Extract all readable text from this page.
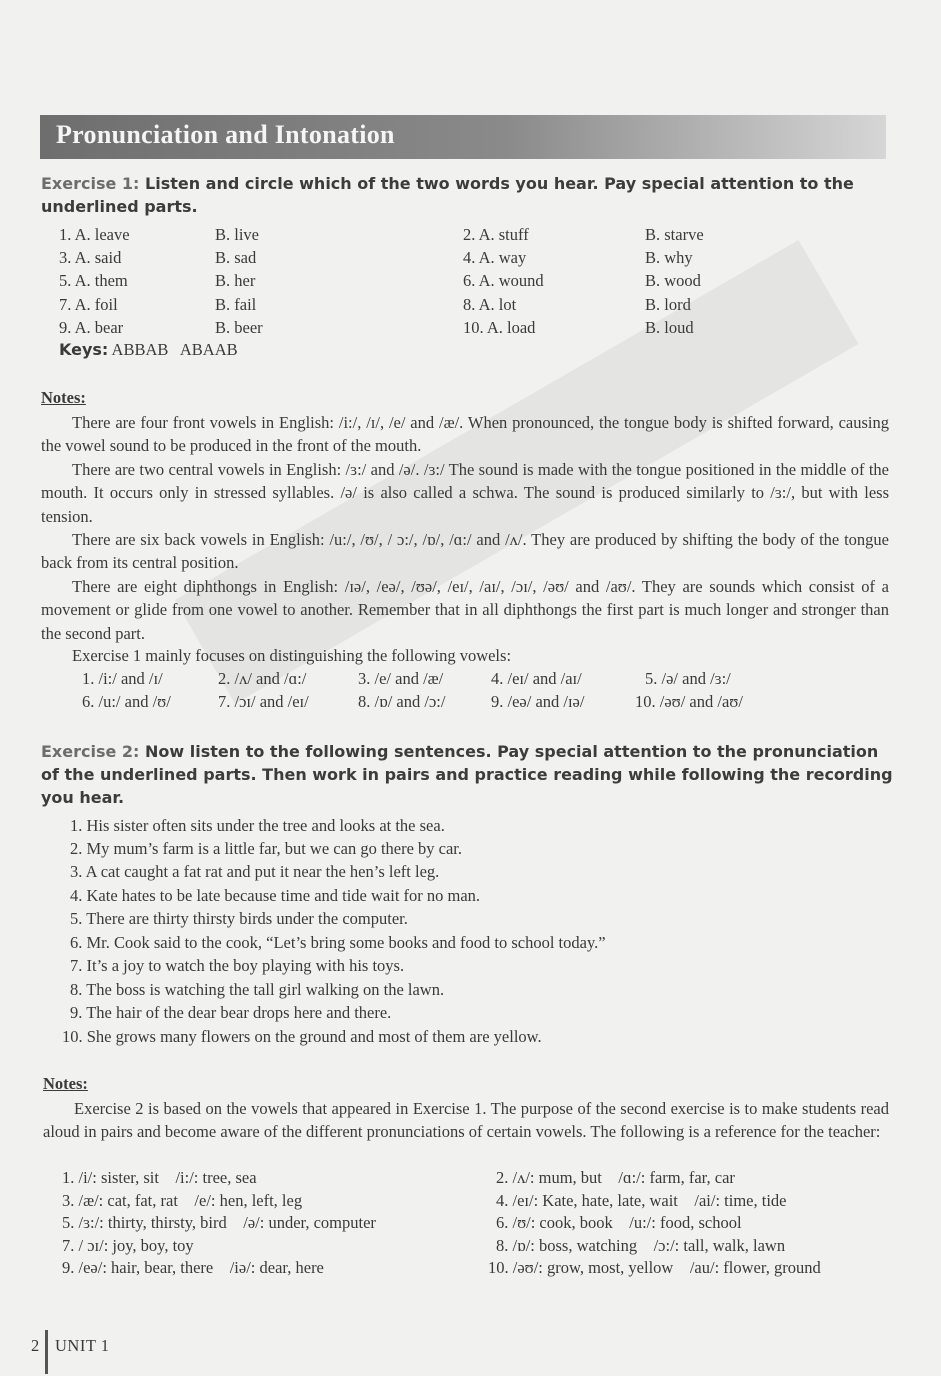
Pronunciation and Intonation
Exercise 1: Listen and circle which of the two words you hear. Pay special attention to the underlined parts.
1. A. leave	B. live	2. A. stuff	B. starve
3. A. said	B. sad	4. A. way	B. why
5. A. them	B. her	6. A. wound	B. wood
7. A. foil	B. fail	8. A. lot	B. lord
9. A. bear	B. beer	10. A. load	B. loud
Keys: ABBAB   ABAAB
Notes:

There are four front vowels in English: /i:/, /ɪ/, /e/ and /æ/. When pronounced, the tongue body is shifted forward, causing the vowel sound to be produced in the front of the mouth.

There are two central vowels in English: /ɜ:/ and /ə/. /ɜ:/ The sound is made with the tongue positioned in the middle of the mouth. It occurs only in stressed syllables. /ə/ is also called a schwa. The sound is produced similarly to /ɜ:/, but with less tension.

There are six back vowels in English: /u:/, /ʊ/, / ɔ:/, /ɒ/, /ɑ:/ and /ʌ/. They are produced by shifting the body of the tongue back from its central position.

There are eight diphthongs in English: /ɪə/, /eə/, /ʊə/, /eɪ/, /aɪ/, /ɔɪ/, /əʊ/ and /aʊ/. They are sounds which consist of a movement or glide from one vowel to another. Remember that in all diphthongs the first part is much longer and stronger than the second part.

Exercise 1 mainly focuses on distinguishing the following vowels:
1. /i:/ and /ɪ/	2. /ʌ/ and /ɑ:/	3. /e/ and /æ/	4. /eɪ/ and /aɪ/	5. /ə/ and /ɜ:/
6. /u:/ and /ʊ/	7. /ɔɪ/ and /eɪ/	8. /ɒ/ and /ɔ:/	9. /eə/ and /ɪə/	10. /əʊ/ and /aʊ/
Exercise 2: Now listen to the following sentences. Pay special attention to the pronunciation of the underlined parts. Then work in pairs and practice reading while following the recording you hear.
1. His sister often sits under the tree and looks at the sea.
2. My mum’s farm is a little far, but we can go there by car.
3. A cat caught a fat rat and put it near the hen’s left leg.
4. Kate hates to be late because time and tide wait for no man.
5. There are thirty thirsty birds under the computer.
6. Mr. Cook said to the cook, “Let’s bring some books and food to school today.”
7. It’s a joy to watch the boy playing with his toys.
8. The boss is watching the tall girl walking on the lawn.
9. The hair of the dear bear drops here and there.
10. She grows many flowers on the ground and most of them are yellow.
Notes:

Exercise 2 is based on the vowels that appeared in Exercise 1. The purpose of the second exercise is to make students read aloud in pairs and become aware of the different pronunciations of certain vowels. The following is a reference for the teacher:

1. /i/: sister, sit    /i:/: tree, sea	2. /ʌ/: mum, but    /ɑ:/: farm, far, car
3. /æ/: cat, fat, rat    /e/: hen, left, leg	4. /eɪ/: Kate, hate, late, wait    /ai/: time, tide
5. /ɜ:/: thirty, thirsty, bird    /ə/: under, computer	6. /ʊ/: cook, book    /u:/: food, school
7. / ɔɪ/: joy, boy, toy	8. /ɒ/: boss, watching    /ɔ:/: tall, walk, lawn
9. /eə/: hair, bear, there    /iə/: dear, here	10. /əʊ/: grow, most, yellow    /au/: flower, ground
2 UNIT 1
